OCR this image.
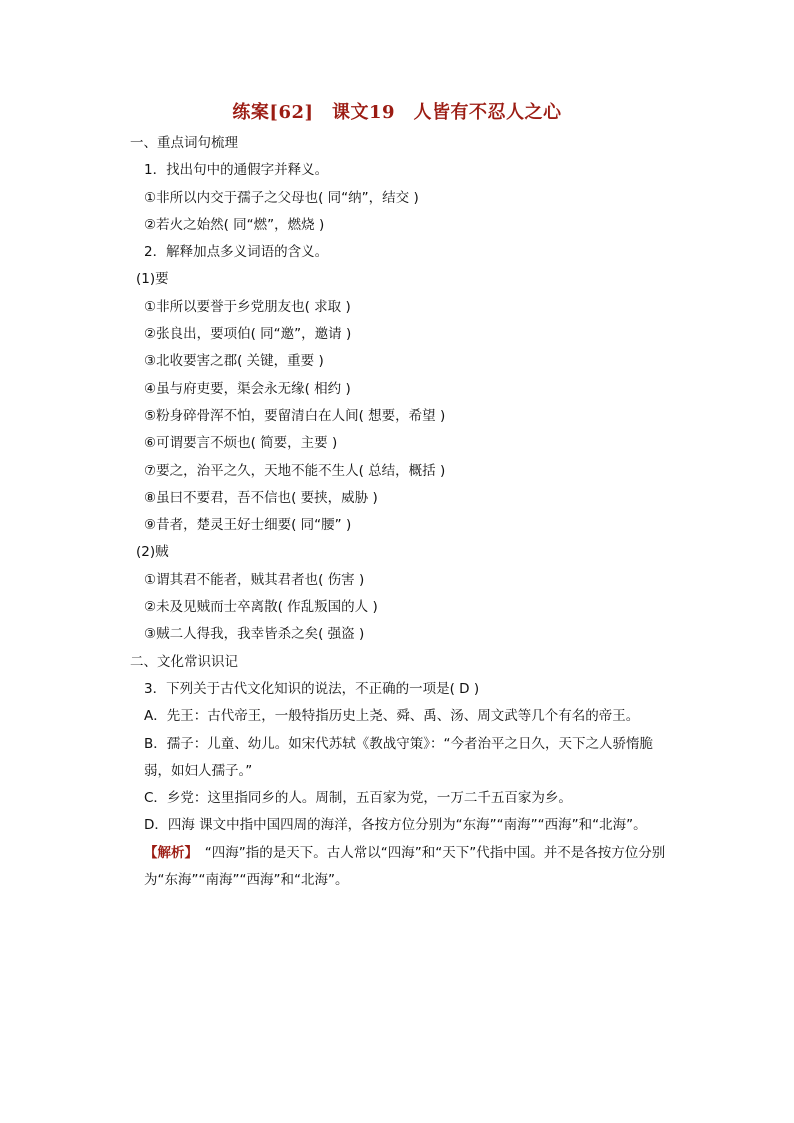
练案[62]　课文19　人皆有不忍人之心
一、重点词句梳理
1．找出句中的通假字并释义。
①非所以内交于孺子之父母也( 同“纳”，结交 )
②若火之始然( 同“燃”，燃烧 )
2．解释加点多义词语的含义。
(1)要
①非所以要誉于乡党朋友也( 求取 )
②张良出，要项伯( 同“邀”，邀请 )
③北收要害之郡( 关键，重要 )
④虽与府吏要，渠会永无缘( 相约 )
⑤粉身碎骨浑不怕，要留清白在人间( 想要，希望 )
⑥可谓要言不烦也( 简要，主要 )
⑦要之，治平之久，天地不能不生人( 总结，概括 )
⑧虽曰不要君，吾不信也( 要挟，威胁 )
⑨昔者，楚灵王好士细要( 同“腰” )
(2)贼
①谓其君不能者，贼其君者也( 伤害 )
②未及见贼而士卒离散( 作乱叛国的人 )
③贼二人得我，我幸皆杀之矣( 强盗 )
二、文化常识识记
3．下列关于古代文化知识的说法，不正确的一项是( D )
A．先王：古代帝王，一般特指历史上尧、舜、禹、汤、周文武等几个有名的帝王。
B．孺子：儿童、幼儿。如宋代苏轼《教战守策》：“今者治平之日久，天下之人骄惰脆弱，如妇人孺子。”
C．乡党：这里指同乡的人。周制，五百家为党，一万二千五百家为乡。
D．四海 课文中指中国四周的海洋，各按方位分别为“东海”“南海”“西海”和“北海”。
【解析】　“四海”指的是天下。古人常以“四海”和“天下”代指中国。并不是各按方位分别为“东海”“南海”“西海”和“北海”。
